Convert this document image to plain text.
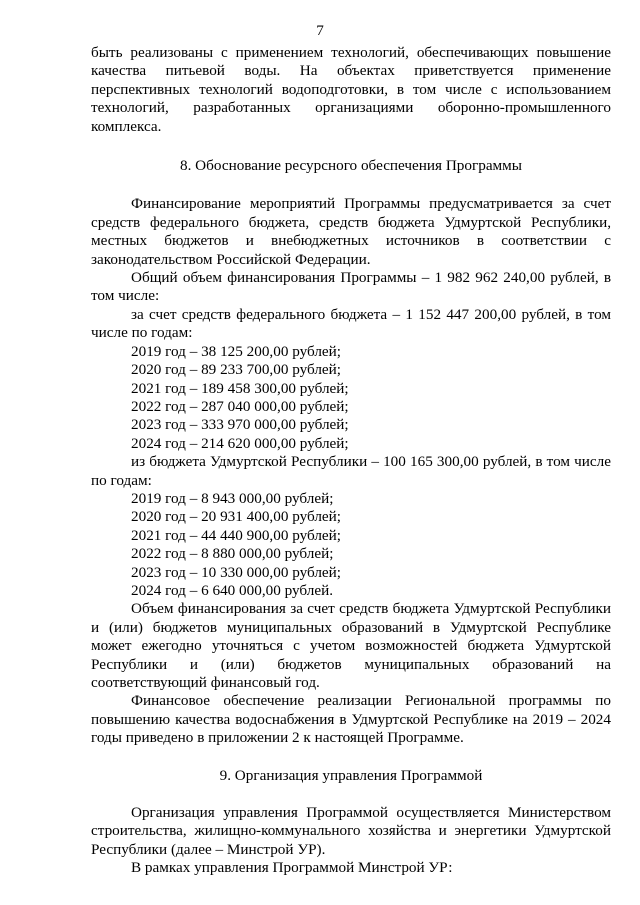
7

быть реализованы с применением технологий, обеспечивающих повышение качества питьевой воды. На объектах приветствуется применение перспективных технологий водоподготовки, в том числе с использованием технологий, разработанных организациями оборонно-промышленного комплекса.

8. Обоснование ресурсного обеспечения Программы

Финансирование мероприятий Программы предусматривается за счет средств федерального бюджета, средств бюджета Удмуртской Республики, местных бюджетов и внебюджетных источников в соответствии с законодательством Российской Федерации.

Общий объем финансирования Программы – 1 982 962 240,00 рублей, в том числе:

за счет средств федерального бюджета – 1 152 447 200,00 рублей, в том числе по годам:

2019 год – 38 125 200,00 рублей;

2020 год – 89 233 700,00 рублей;

2021 год – 189 458 300,00 рублей;

2022 год – 287 040 000,00 рублей;

2023 год – 333 970 000,00 рублей;

2024 год – 214 620 000,00 рублей;

из бюджета Удмуртской Республики – 100 165 300,00 рублей, в том числе по годам:

2019 год – 8 943 000,00 рублей;

2020 год – 20 931 400,00 рублей;

2021 год – 44 440 900,00 рублей;

2022 год – 8 880 000,00 рублей;

2023 год – 10 330 000,00 рублей;

2024 год – 6 640 000,00 рублей.

Объем финансирования за счет средств бюджета Удмуртской Республики и (или) бюджетов муниципальных образований в Удмуртской Республике может ежегодно уточняться с учетом возможностей бюджета Удмуртской Республики и (или) бюджетов муниципальных образований на соответствующий финансовый год.

Финансовое обеспечение реализации Региональной программы по повышению качества водоснабжения в Удмуртской Республике на 2019 – 2024 годы приведено в приложении 2 к настоящей Программе.

9. Организация управления Программой

Организация управления Программой осуществляется Министерством строительства, жилищно-коммунального хозяйства и энергетики Удмуртской Республики (далее – Минстрой УР).

В рамках управления Программой Минстрой УР:
